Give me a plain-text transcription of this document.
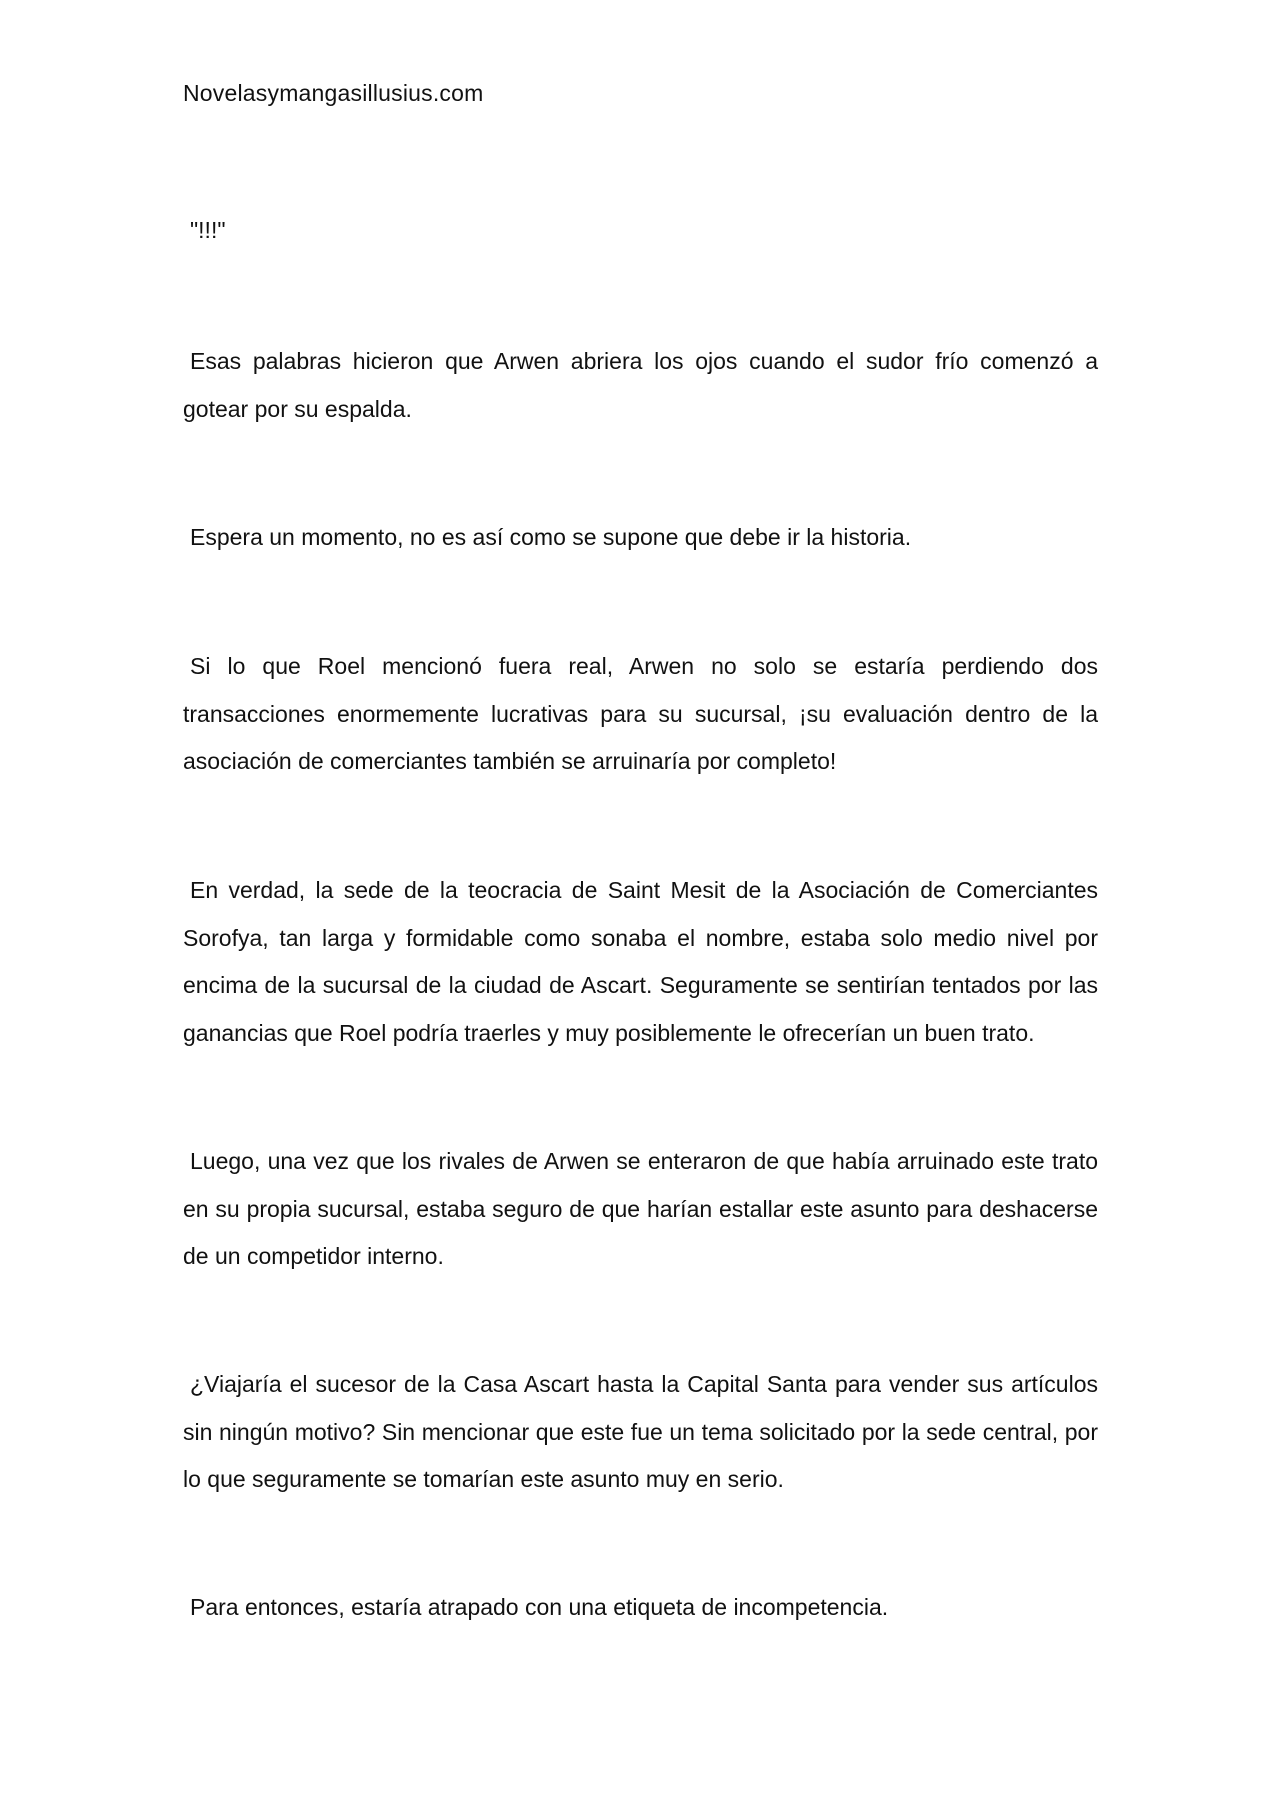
Novelasymangasillusius.com

"!!!"

Esas palabras hicieron que Arwen abriera los ojos cuando el sudor frío comenzó a gotear por su espalda.

Espera un momento, no es así como se supone que debe ir la historia.

Si lo que Roel mencionó fuera real, Arwen no solo se estaría perdiendo dos transacciones enormemente lucrativas para su sucursal, ¡su evaluación dentro de la asociación de comerciantes también se arruinaría por completo!

En verdad, la sede de la teocracia de Saint Mesit de la Asociación de Comerciantes Sorofya, tan larga y formidable como sonaba el nombre, estaba solo medio nivel por encima de la sucursal de la ciudad de Ascart. Seguramente se sentirían tentados por las ganancias que Roel podría traerles y muy posiblemente le ofrecerían un buen trato.

Luego, una vez que los rivales de Arwen se enteraron de que había arruinado este trato en su propia sucursal, estaba seguro de que harían estallar este asunto para deshacerse de un competidor interno.

¿Viajaría el sucesor de la Casa Ascart hasta la Capital Santa para vender sus artículos sin ningún motivo? Sin mencionar que este fue un tema solicitado por la sede central, por lo que seguramente se tomarían este asunto muy en serio.

Para entonces, estaría atrapado con una etiqueta de incompetencia.
